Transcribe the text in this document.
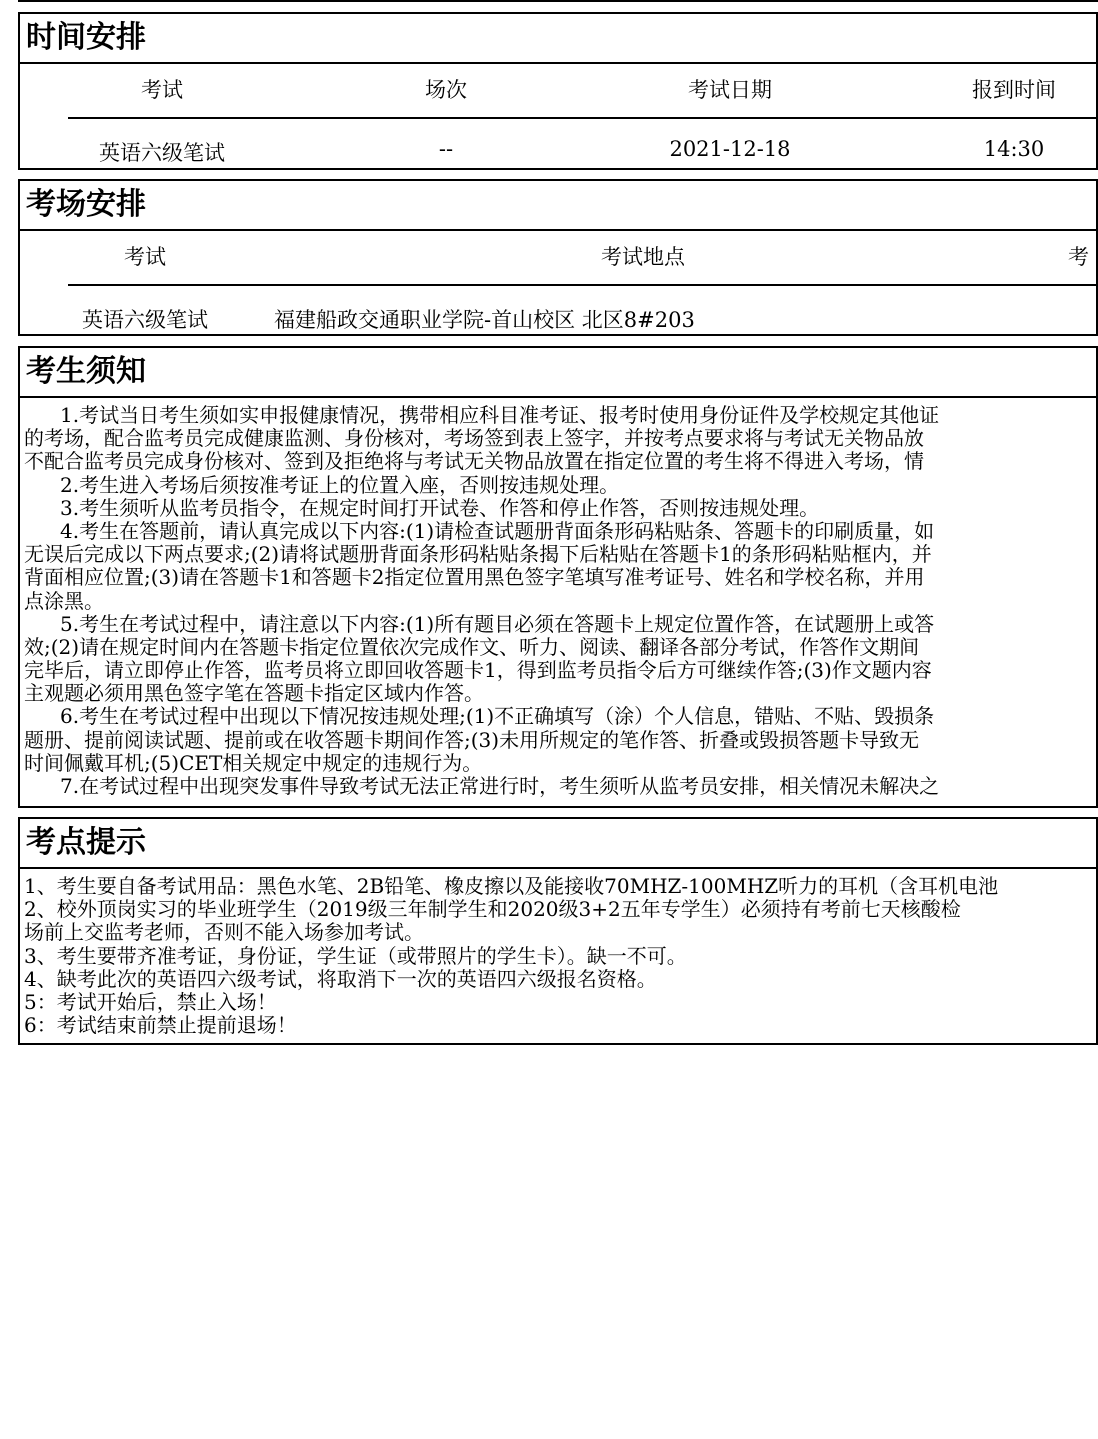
时间安排
考试	场次	考试日期	报到时间
英语六级笔试	--	2021-12-18	14:30
考场安排
考试	考试地点	考
英语六级笔试	福建船政交通职业学院-首山校区 北区8#203
考生须知
1.考试当日考生须如实申报健康情况，携带相应科目准考证、报考时使用身份证件及学校规定其他证
的考场，配合监考员完成健康监测、身份核对，考场签到表上签字，并按考点要求将与考试无关物品放
不配合监考员完成身份核对、签到及拒绝将与考试无关物品放置在指定位置的考生将不得进入考场，情
2.考生进入考场后须按准考证上的位置入座，否则按违规处理。
3.考生须听从监考员指令，在规定时间打开试卷、作答和停止作答，否则按违规处理。
4.考生在答题前，请认真完成以下内容:(1)请检查试题册背面条形码粘贴条、答题卡的印刷质量，如
无误后完成以下两点要求;(2)请将试题册背面条形码粘贴条揭下后粘贴在答题卡1的条形码粘贴框内，并
背面相应位置;(3)请在答题卡1和答题卡2指定位置用黑色签字笔填写准考证号、姓名和学校名称，并用
点涂黑。
5.考生在考试过程中，请注意以下内容:(1)所有题目必须在答题卡上规定位置作答，在试题册上或答
效;(2)请在规定时间内在答题卡指定位置依次完成作文、听力、阅读、翻译各部分考试，作答作文期间
完毕后，请立即停止作答，监考员将立即回收答题卡1，得到监考员指令后方可继续作答;(3)作文题内容
主观题必须用黑色签字笔在答题卡指定区域内作答。
6.考生在考试过程中出现以下情况按违规处理;(1)不正确填写（涂）个人信息，错贴、不贴、毁损条
题册、提前阅读试题、提前或在收答题卡期间作答;(3)未用所规定的笔作答、折叠或毁损答题卡导致无
时间佩戴耳机;(5)CET相关规定中规定的违规行为。
7.在考试过程中出现突发事件导致考试无法正常进行时，考生须听从监考员安排，相关情况未解决之
考点提示
1、考生要自备考试用品：黑色水笔、2B铅笔、橡皮擦以及能接收70MHZ-100MHZ听力的耳机（含耳机电池
2、校外顶岗实习的毕业班学生（2019级三年制学生和2020级3+2五年专学生）必须持有考前七天核酸检
场前上交监考老师，否则不能入场参加考试。
3、考生要带齐准考证，身份证，学生证（或带照片的学生卡）。缺一不可。
4、缺考此次的英语四六级考试，将取消下一次的英语四六级报名资格。
5：考试开始后，禁止入场！
6：考试结束前禁止提前退场！
